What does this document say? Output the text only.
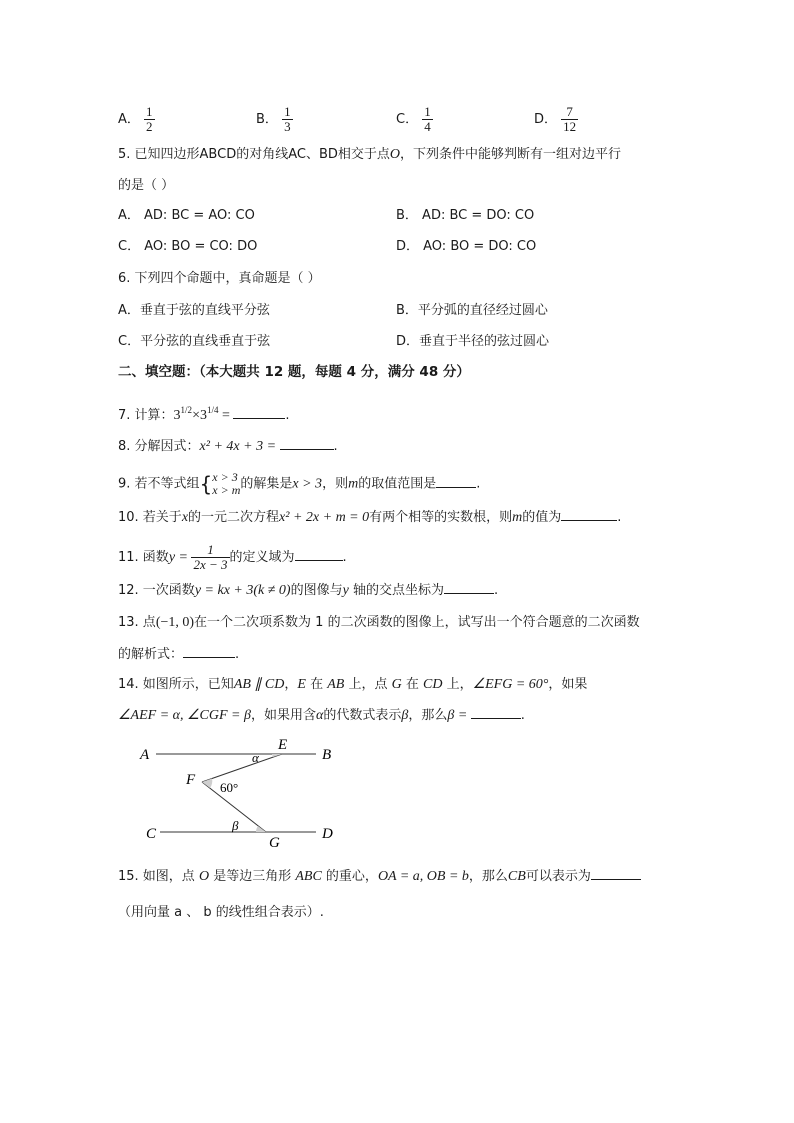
A． $\frac{1}{2}$	B． $\frac{1}{3}$	C． $\frac{1}{4}$	D． $\frac{7}{12}$
5. 已知四边形ABCD的对角线AC、BD相交于点O，下列条件中能够判断有一组对边平行
的是（ ）
A． AD: BC = AO: CO	B． AD: BC = DO: CO
C． AO: BO = CO: DO	D． AO: BO = DO: CO
6. 下列四个命题中，真命题是（ ）
A．垂直于弦的直线平分弦	B．平分弧的直径经过圆心
C．平分弦的直线垂直于弦	D．垂直于半径的弦过圆心
二、填空题：（本大题共 12 题，每题 4 分，满分 48 分）
7. 计算：$3^{1/2}\times 3^{1/4}$ =	.
8. 分解因式：x² + 4x + 3 =	.
9. 若不等式组{ x > 3
x > m 的解集是x > 3，则m的取值范围是	.
10. 若关于x的一元二次方程x² + 2x + m = 0有两个相等的实数根，则m的值为	.
11. 函数$y = \frac{1}{2x - 3}$ 的定义域为	.
12. 一次函数y = kx + 3(k ≠ 0)的图像与y 轴的交点坐标为	.
13. 点(−1, 0)在一个二次项系数为 1 的二次函数的图像上，试写出一个符合题意的二次函数
的解析式：	.
14. 如图所示，已知AB ∥ CD，E 在 AB 上，点 G 在 CD 上，∠EFG = 60°，如果
∠AEF = α, ∠CGF = β，如果用含α的代数式表示β，那么β =	.
A	B
E
F
C	D
G
α
β
60°
15. 如图，点 O 是等边三角形 ABC 的重心，OA = a, OB = b，那么CB可以表示为
（用向量 a 、 b 的线性组合表示）.
